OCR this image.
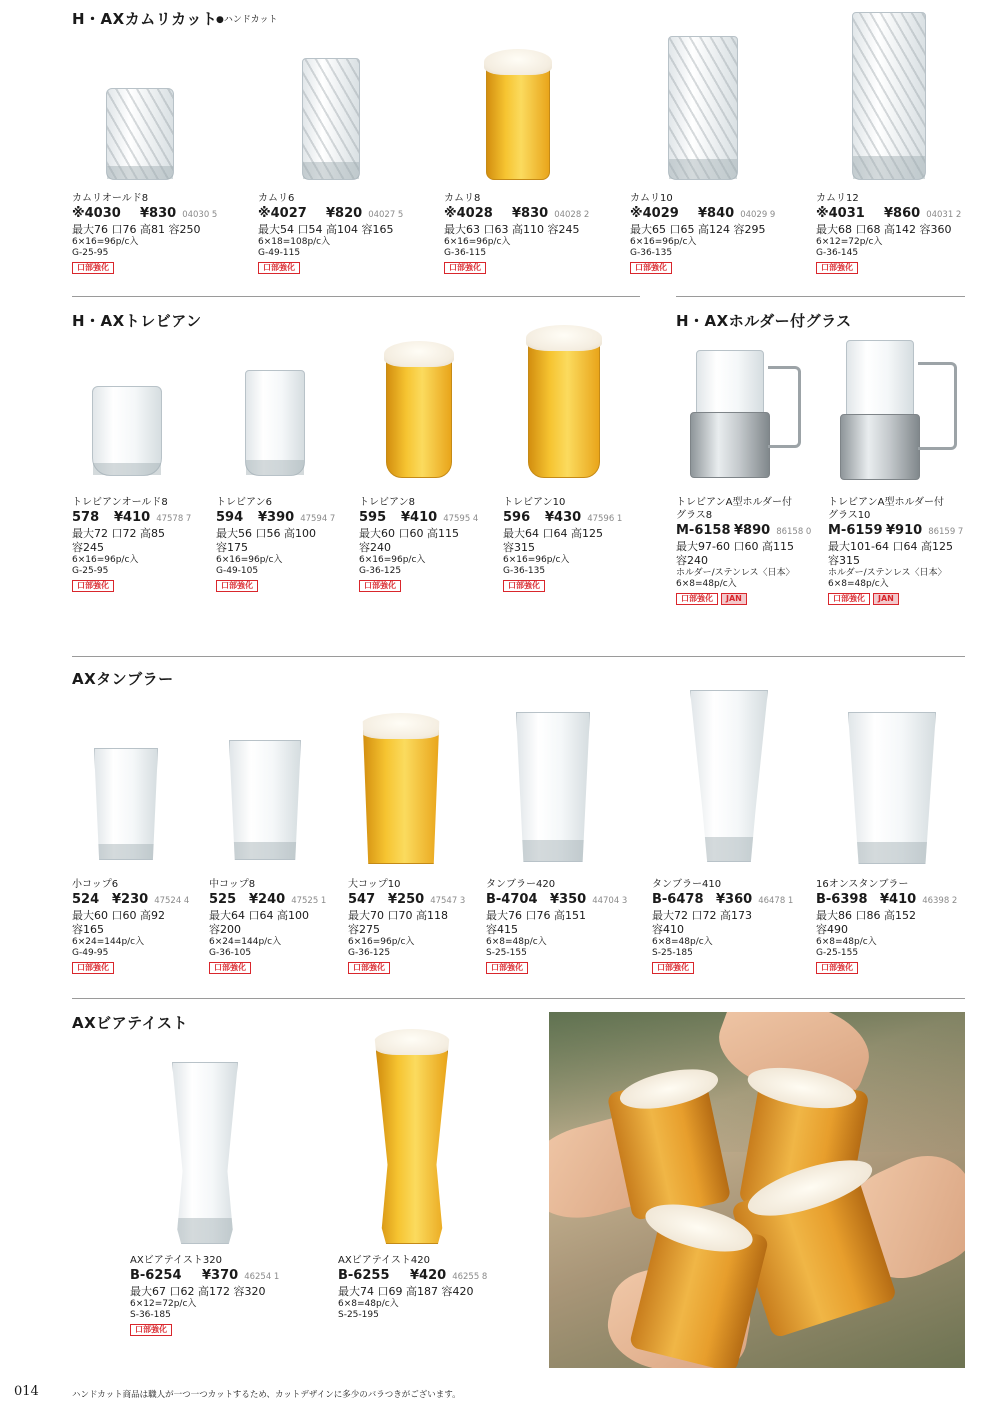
H・AXカムリカット
●ハンドカット
カムリオールド8
※4030	¥830 04030 5
最大76 口76 高81 容250
6×16=96p/c入
G-25-95
口部強化
カムリ6
※4027	¥820 04027 5
最大54 口54 高104 容165
6×18=108p/c入
G-49-115
口部強化
カムリ8
※4028	¥830 04028 2
最大63 口63 高110 容245
6×16=96p/c入
G-36-115
口部強化
カムリ10
※4029	¥840 04029 9
最大65 口65 高124 容295
6×16=96p/c入
G-36-135
口部強化
カムリ12
※4031	¥860 04031 2
最大68 口68 高142 容360
6×12=72p/c入
G-36-145
口部強化
H・AXトレビアン
トレビアンオールド8
578	¥410 47578 7
最大72 口72 高85
容245
6×16=96p/c入
G-25-95
口部強化
トレビアン6
594	¥390 47594 7
最大56 口56 高100
容175
6×16=96p/c入
G-49-105
口部強化
トレビアン8
595	¥410 47595 4
最大60 口60 高115
容240
6×16=96p/c入
G-36-125
口部強化
トレビアン10
596	¥430 47596 1
最大64 口64 高125
容315
6×16=96p/c入
G-36-135
口部強化
H・AXホルダー付グラス
トレビアンA型ホルダー付
グラス8
M-6158 ¥890 86158 0
最大97-60 口60 高115
容240
ホルダー/ステンレス〈日本〉
6×8=48p/c入
口部強化	JAN
トレビアンA型ホルダー付
グラス10
M-6159 ¥910 86159 7
最大101-64 口64 高125
容315
ホルダー/ステンレス〈日本〉
6×8=48p/c入
口部強化	JAN
AXタンブラー
小コップ6
524 ¥230 47524 4
最大60 口60 高92
容165
6×24=144p/c入
G-49-95
口部強化
中コップ8
525 ¥240 47525 1
最大64 口64 高100
容200
6×24=144p/c入
G-36-105
口部強化
大コップ10
547 ¥250 47547 3
最大70 口70 高118
容275
6×16=96p/c入
G-36-125
口部強化
タンブラー420
B-4704 ¥350 44704 3
最大76 口76 高151
容415
6×8=48p/c入
S-25-155
口部強化
タンブラー410
B-6478 ¥360 46478 1
最大72 口72 高173
容410
6×8=48p/c入
S-25-185
口部強化
16オンスタンブラー
B-6398 ¥410 46398 2
最大86 口86 高152
容490
6×8=48p/c入
G-25-155
口部強化
AXビアテイスト
AXビアテイスト320
B-6254	¥370 46254 1
最大67 口62 高172 容320
6×12=72p/c入
S-36-185
口部強化
AXビアテイスト420
B-6255	¥420 46255 8
最大74 口69 高187 容420
6×8=48p/c入
S-25-195
014	ハンドカット商品は職人が一つ一つカットするため、カットデザインに多少のバラつきがございます。
